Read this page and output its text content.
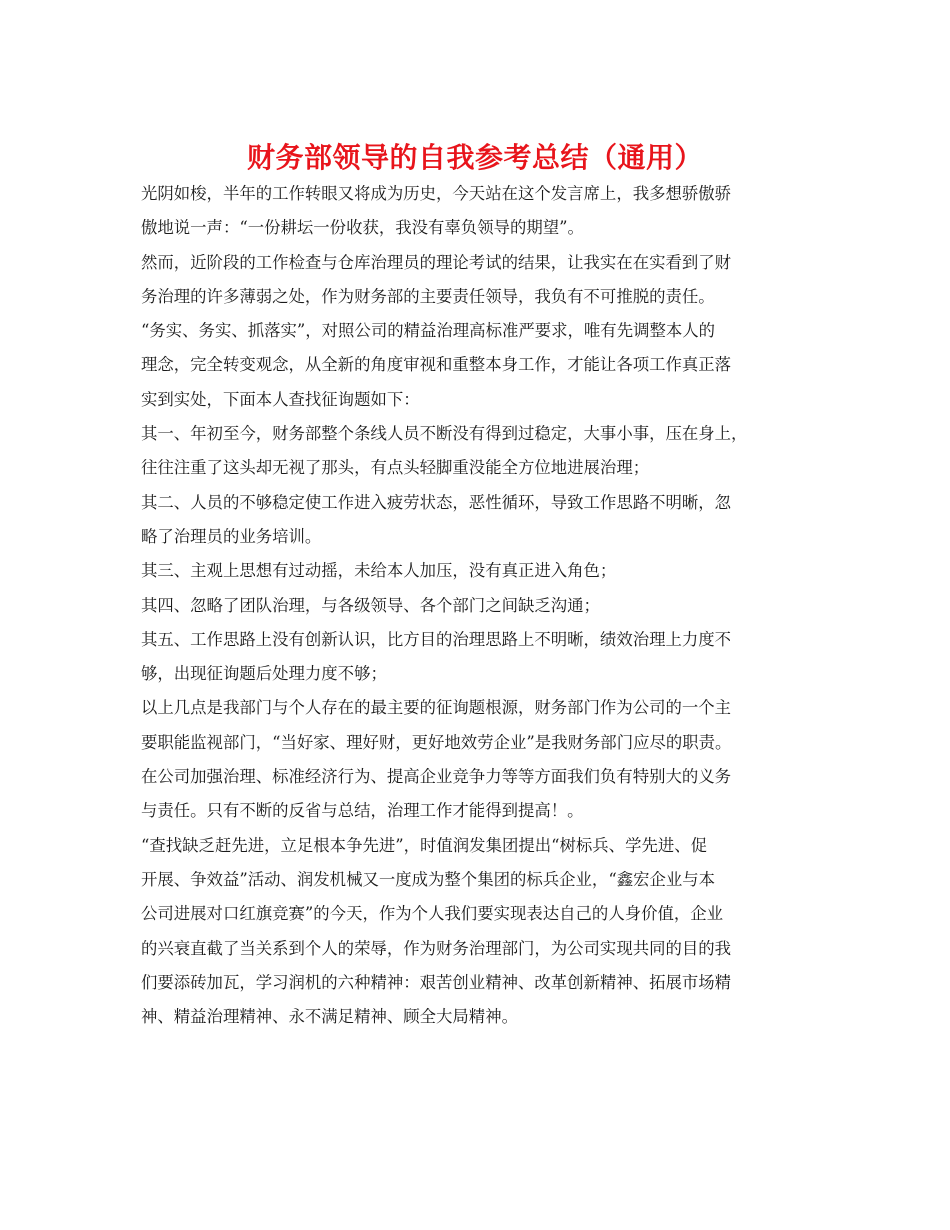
财务部领导的自我参考总结（通用）
光阴如梭，半年的工作转眼又将成为历史，今天站在这个发言席上，我多想骄傲骄
傲地说一声：“一份耕坛一份收获，我没有辜负领导的期望”。
然而，近阶段的工作检查与仓库治理员的理论考试的结果，让我实在在实看到了财
务治理的许多薄弱之处，作为财务部的主要责任领导，我负有不可推脱的责任。
“务实、务实、抓落实”，对照公司的精益治理高标准严要求，唯有先调整本人的
理念，完全转变观念，从全新的角度审视和重整本身工作，才能让各项工作真正落
实到实处，下面本人查找征询题如下：
其一、年初至今，财务部整个条线人员不断没有得到过稳定，大事小事，压在身上，
往往注重了这头却无视了那头，有点头轻脚重没能全方位地进展治理；
其二、人员的不够稳定使工作进入疲劳状态，恶性循环，导致工作思路不明晰，忽
略了治理员的业务培训。
其三、主观上思想有过动摇，未给本人加压，没有真正进入角色；
其四、忽略了团队治理，与各级领导、各个部门之间缺乏沟通；
其五、工作思路上没有创新认识，比方目的治理思路上不明晰，绩效治理上力度不
够，出现征询题后处理力度不够；
以上几点是我部门与个人存在的最主要的征询题根源，财务部门作为公司的一个主
要职能监视部门，“当好家、理好财，更好地效劳企业”是我财务部门应尽的职责。
在公司加强治理、标准经济行为、提高企业竞争力等等方面我们负有特别大的义务
与责任。只有不断的反省与总结，治理工作才能得到提高！。
“查找缺乏赶先进，立足根本争先进”，时值润发集团提出“树标兵、学先进、促
开展、争效益”活动、润发机械又一度成为整个集团的标兵企业，“鑫宏企业与本
公司进展对口红旗竞赛”的今天，作为个人我们要实现表达自己的人身价值，企业
的兴衰直截了当关系到个人的荣辱，作为财务治理部门，为公司实现共同的目的我
们要添砖加瓦，学习润机的六种精神：艰苦创业精神、改革创新精神、拓展市场精
神、精益治理精神、永不满足精神、顾全大局精神。
